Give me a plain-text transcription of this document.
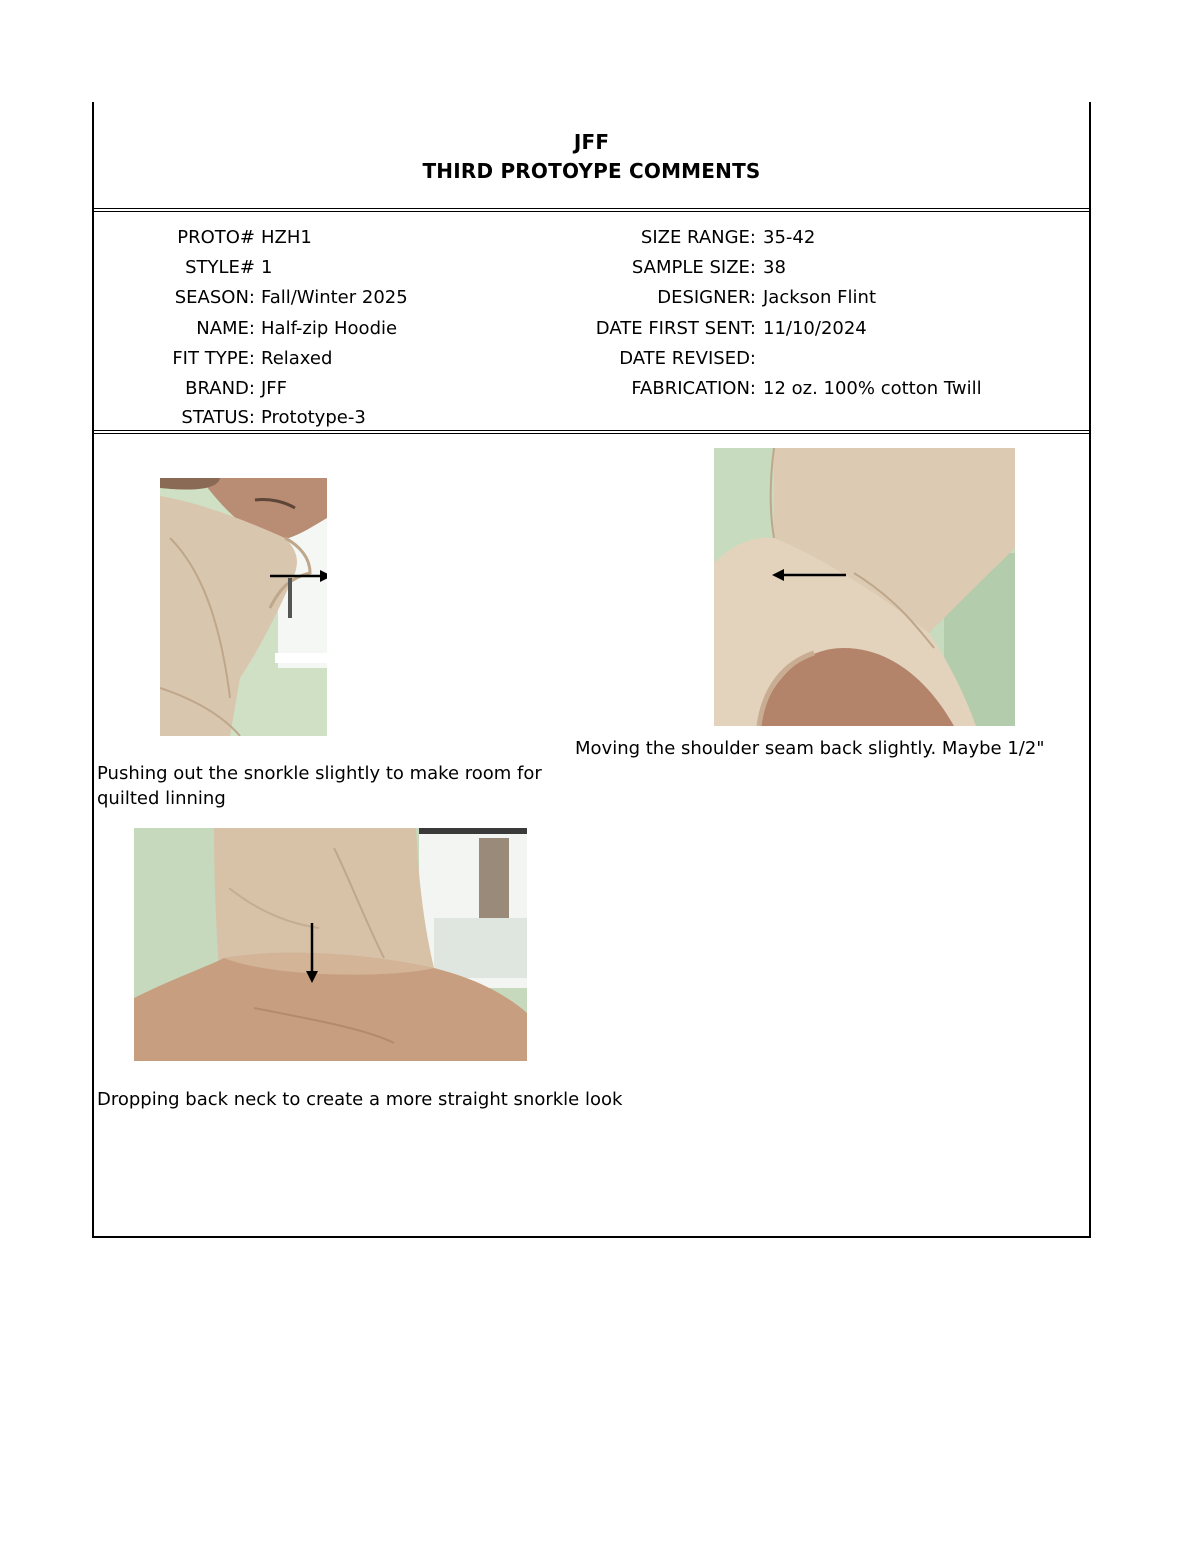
JFF
THIRD PROTOYPE COMMENTS
PROTO# HZH1
STYLE# 1
SEASON: Fall/Winter 2025
NAME: Half-zip Hoodie
FIT TYPE: Relaxed
BRAND: JFF
STATUS: Prototype-3
SIZE RANGE: 35-42
SAMPLE SIZE: 38
DESIGNER: Jackson Flint
DATE FIRST SENT: 11/10/2024
DATE REVISED:
FABRICATION: 12 oz. 100% cotton Twill
Moving the shoulder seam back slightly. Maybe 1/2"
Pushing out the snorkle slightly to make room for
quilted linning
Dropping back neck to create a more straight snorkle look
